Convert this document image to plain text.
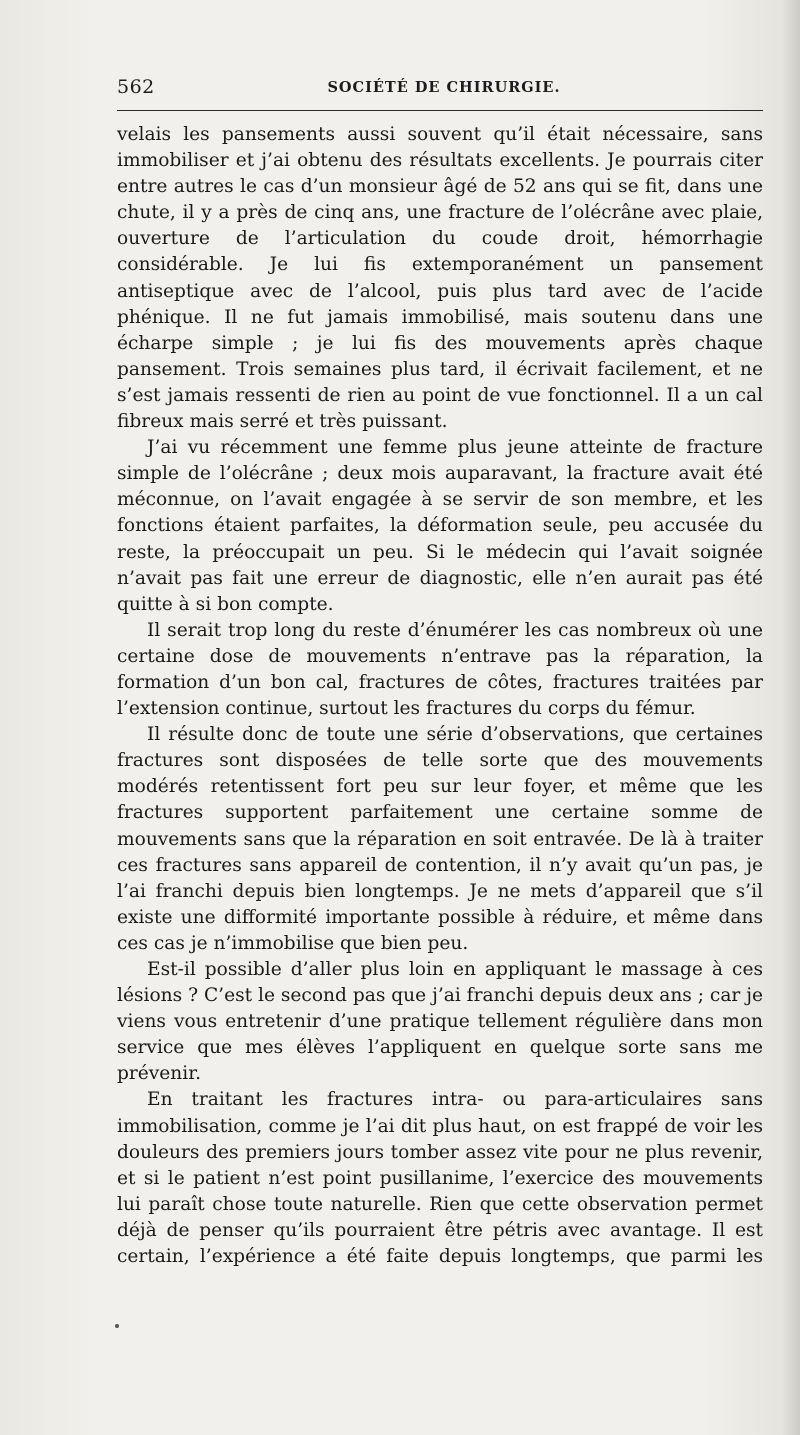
562	SOCIÉTÉ DE CHIRURGIE.

velais les pansements aussi souvent qu’il était nécessaire, sans immobiliser et j’ai obtenu des résultats excellents. Je pourrais citer entre autres le cas d’un monsieur âgé de 52 ans qui se fit, dans une chute, il y a près de cinq ans, une fracture de l’olécrâne avec plaie, ouverture de l’articulation du coude droit, hémorrhagie considérable. Je lui fis extemporanément un pansement antiseptique avec de l’alcool, puis plus tard avec de l’acide phénique. Il ne fut jamais immobilisé, mais soutenu dans une écharpe simple ; je lui fis des mouvements après chaque pansement. Trois semaines plus tard, il écrivait facilement, et ne s’est jamais ressenti de rien au point de vue fonctionnel. Il a un cal fibreux mais serré et très puissant.

J’ai vu récemment une femme plus jeune atteinte de fracture simple de l’olécrâne ; deux mois auparavant, la fracture avait été méconnue, on l’avait engagée à se servir de son membre, et les fonctions étaient parfaites, la déformation seule, peu accusée du reste, la préoccupait un peu. Si le médecin qui l’avait soignée n’avait pas fait une erreur de diagnostic, elle n’en aurait pas été quitte à si bon compte.

Il serait trop long du reste d’énumérer les cas nombreux où une certaine dose de mouvements n’entrave pas la réparation, la formation d’un bon cal, fractures de côtes, fractures traitées par l’extension continue, surtout les fractures du corps du fémur.

Il résulte donc de toute une série d’observations, que certaines fractures sont disposées de telle sorte que des mouvements modérés retentissent fort peu sur leur foyer, et même que les fractures supportent parfaitement une certaine somme de mouvements sans que la réparation en soit entravée. De là à traiter ces fractures sans appareil de contention, il n’y avait qu’un pas, je l’ai franchi depuis bien longtemps. Je ne mets d’appareil que s’il existe une difformité importante possible à réduire, et même dans ces cas je n’immobilise que bien peu.

Est-il possible d’aller plus loin en appliquant le massage à ces lésions ? C’est le second pas que j’ai franchi depuis deux ans ; car je viens vous entretenir d’une pratique tellement régulière dans mon service que mes élèves l’appliquent en quelque sorte sans me prévenir.

En traitant les fractures intra- ou para-articulaires sans immobilisation, comme je l’ai dit plus haut, on est frappé de voir les douleurs des premiers jours tomber assez vite pour ne plus revenir, et si le patient n’est point pusillanime, l’exercice des mouvements lui paraît chose toute naturelle. Rien que cette observation permet déjà de penser qu’ils pourraient être pétris avec avantage. Il est certain, l’expérience a été faite depuis longtemps, que parmi les
